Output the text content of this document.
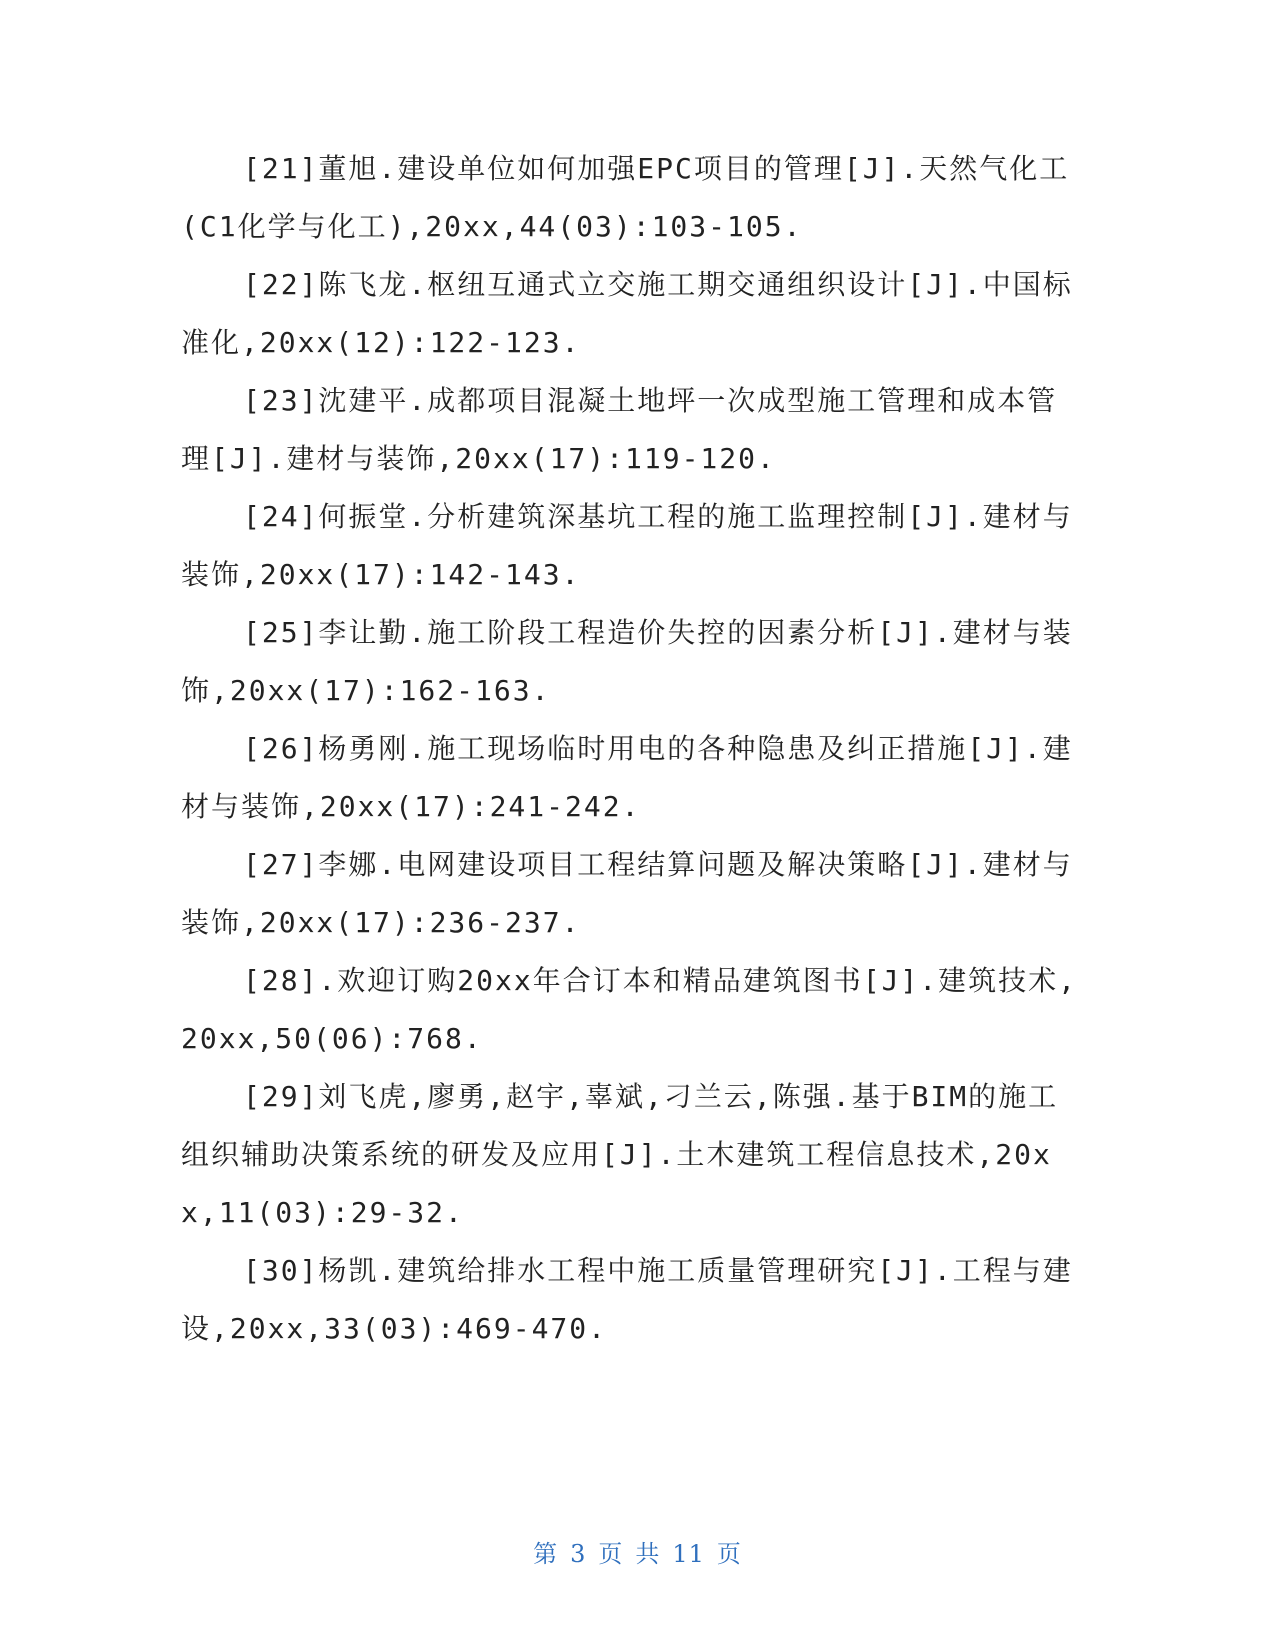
[21]董旭.建设单位如何加强EPC项目的管理[J].天然气化工(C1化学与化工),20xx,44(03):103-105.

[22]陈飞龙.枢纽互通式立交施工期交通组织设计[J].中国标准化,20xx(12):122-123.

[23]沈建平.成都项目混凝土地坪一次成型施工管理和成本管理[J].建材与装饰,20xx(17):119-120.

[24]何振堂.分析建筑深基坑工程的施工监理控制[J].建材与装饰,20xx(17):142-143.

[25]李让勤.施工阶段工程造价失控的因素分析[J].建材与装饰,20xx(17):162-163.

[26]杨勇刚.施工现场临时用电的各种隐患及纠正措施[J].建材与装饰,20xx(17):241-242.

[27]李娜.电网建设项目工程结算问题及解决策略[J].建材与装饰,20xx(17):236-237.

[28].欢迎订购20xx年合订本和精品建筑图书[J].建筑技术,20xx,50(06):768.

[29]刘飞虎,廖勇,赵宇,辜斌,刁兰云,陈强.基于BIM的施工组织辅助决策系统的研发及应用[J].土木建筑工程信息技术,20xx,11(03):29-32.

[30]杨凯.建筑给排水工程中施工质量管理研究[J].工程与建设,20xx,33(03):469-470.

第 3 页 共 11 页
